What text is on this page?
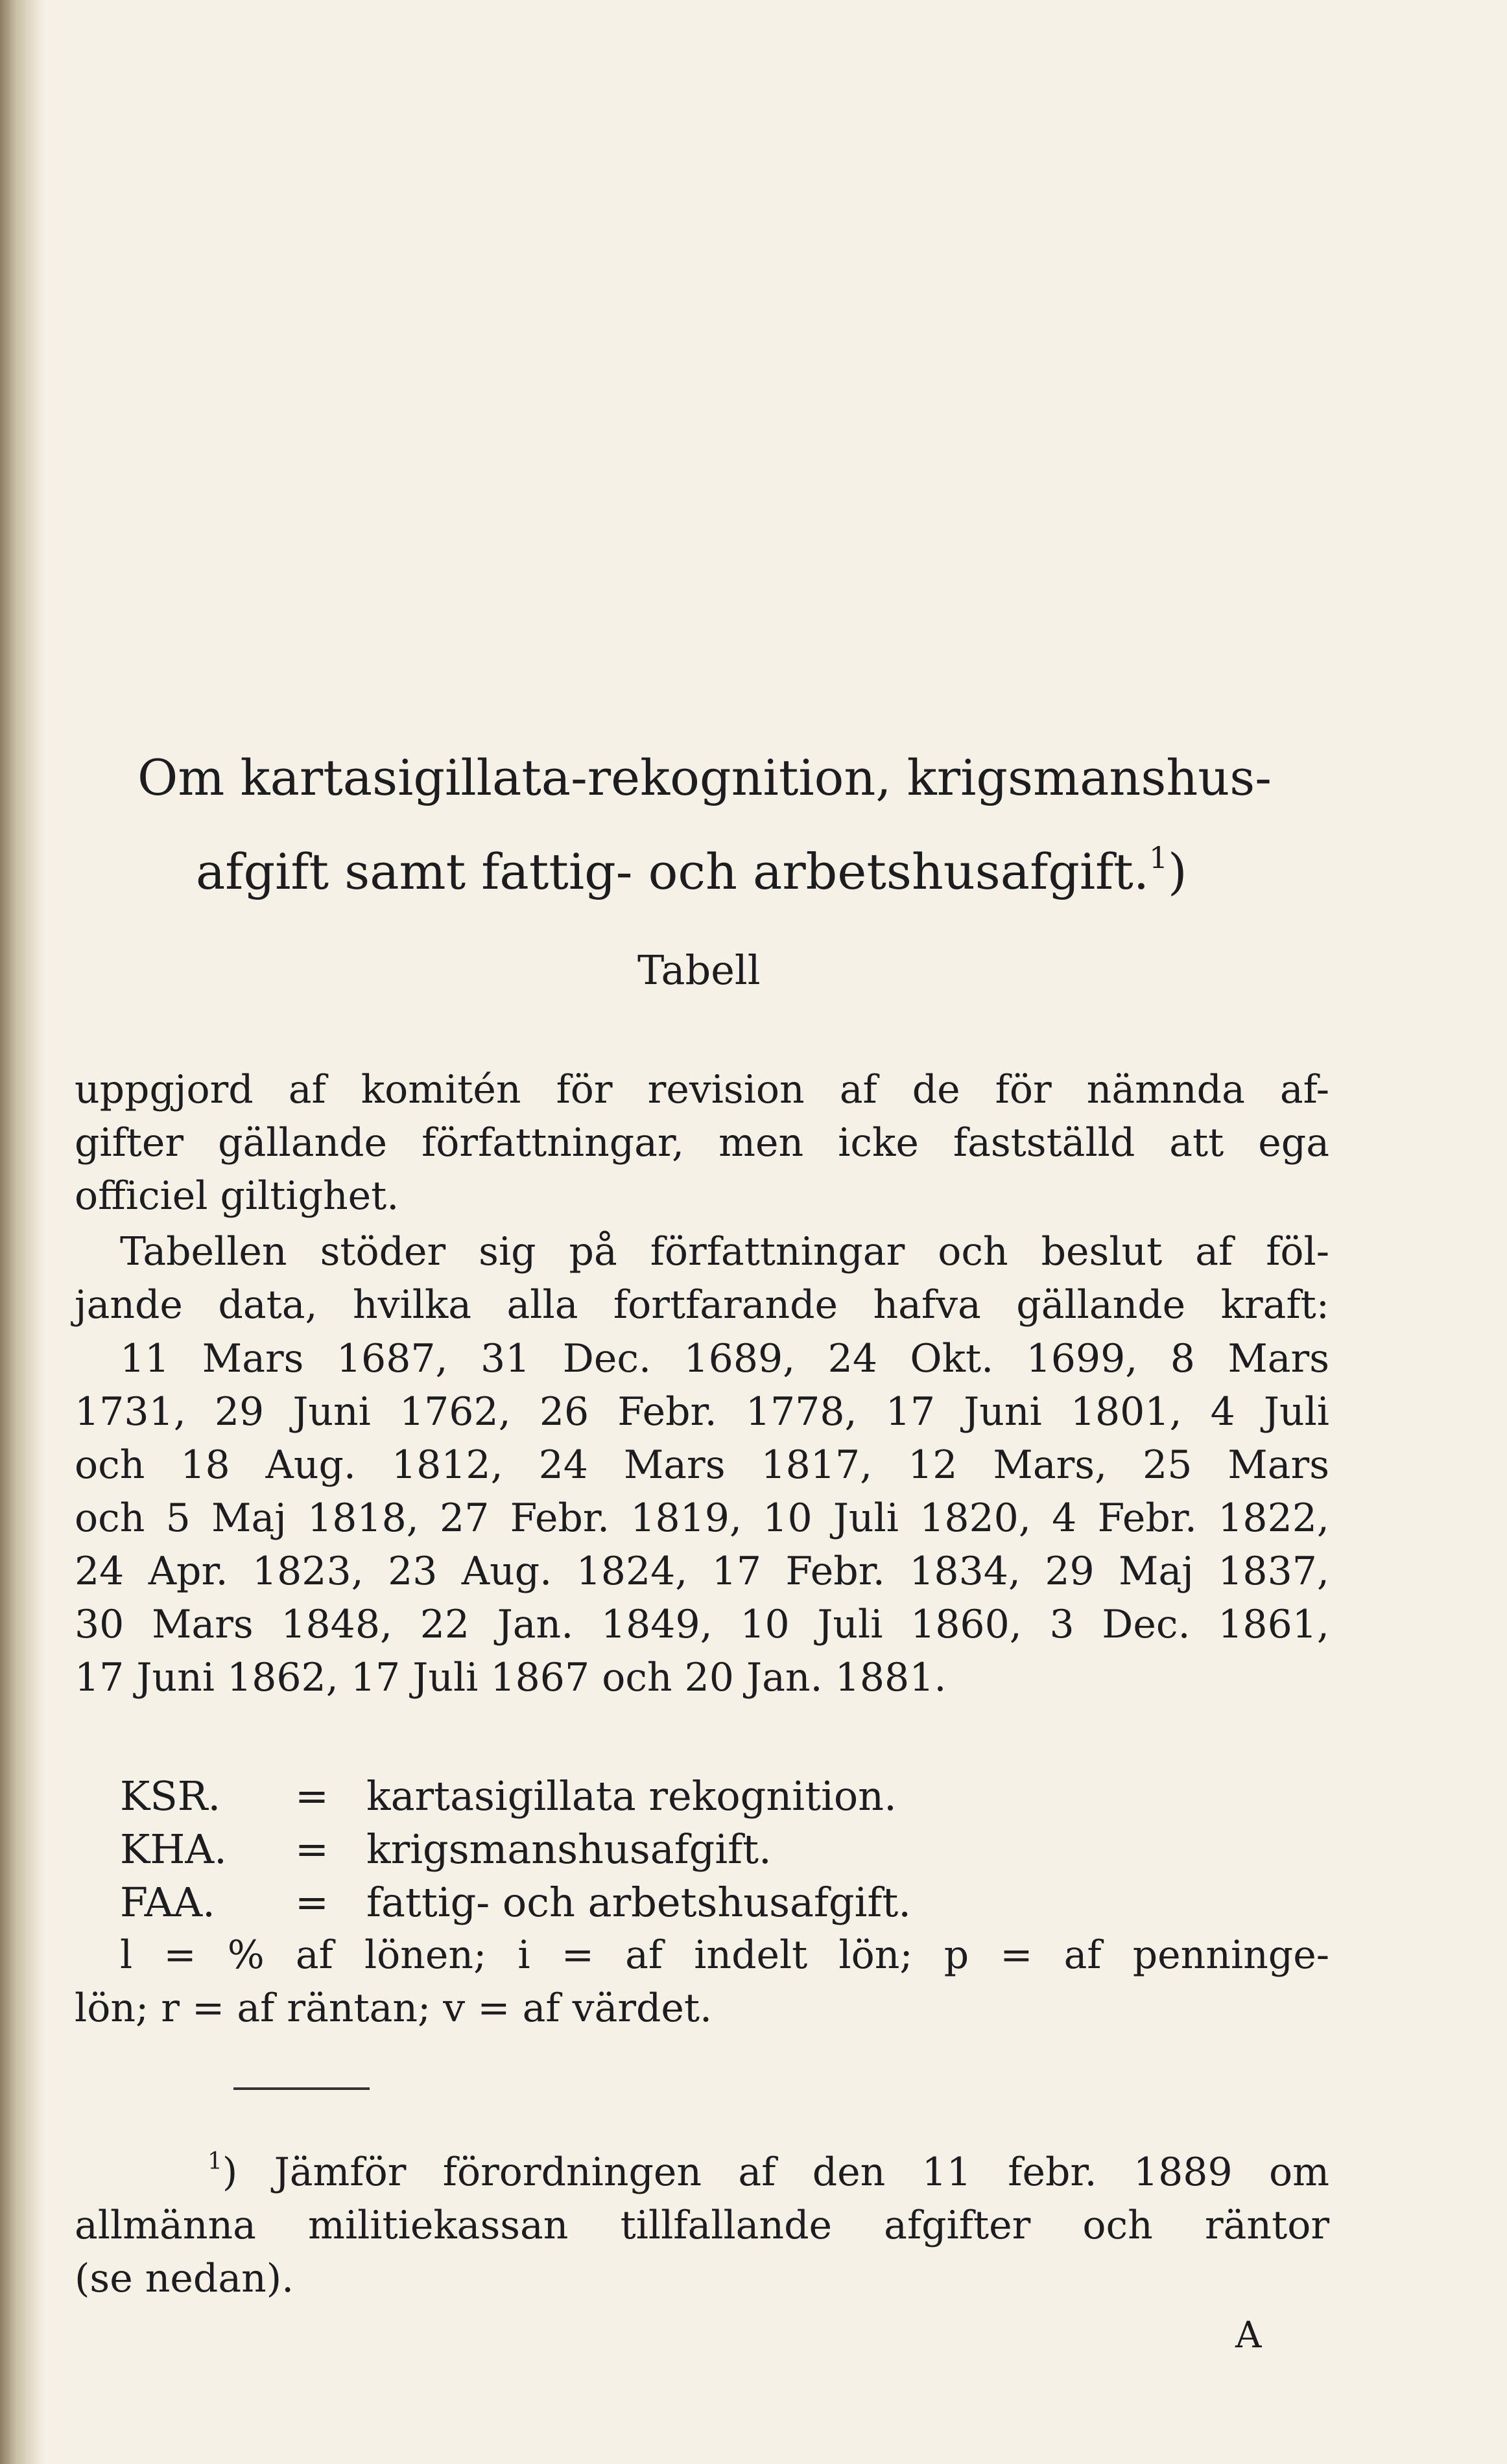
Om kartasigillata-rekognition, krigsmanshus-
afgift samt fattig- och arbetshusafgift.$^1$)
Tabell
uppgjord af komitén för revision af de för nämnda af-
gifter gällande författningar, men icke fastställd att ega
officiel giltighet.
Tabellen stöder sig på författningar och beslut af föl-
jande data, hvilka alla fortfarande hafva gällande kraft:
11 Mars 1687, 31 Dec. 1689, 24 Okt. 1699, 8 Mars
1731, 29 Juni 1762, 26 Febr. 1778, 17 Juni 1801, 4 Juli
och 18 Aug. 1812, 24 Mars 1817, 12 Mars, 25 Mars
och 5 Maj 1818, 27 Febr. 1819, 10 Juli 1820, 4 Febr. 1822,
24 Apr. 1823, 23 Aug. 1824, 17 Febr. 1834, 29 Maj 1837,
30 Mars 1848, 22 Jan. 1849, 10 Juli 1860, 3 Dec. 1861,
17 Juni 1862, 17 Juli 1867 och 20 Jan. 1881.
KSR.	= kartasigillata rekognition.
KHA.	= krigsmanshusafgift.
FAA.	= fattig- och arbetshusafgift.
l = % af lönen; i = af indelt lön; p = af penninge-
lön; r = af räntan; v = af värdet.
$^1$) Jämför förordningen af den 11 febr. 1889 om
allmänna militiekassan tillfallande afgifter och räntor
(se nedan).
A
